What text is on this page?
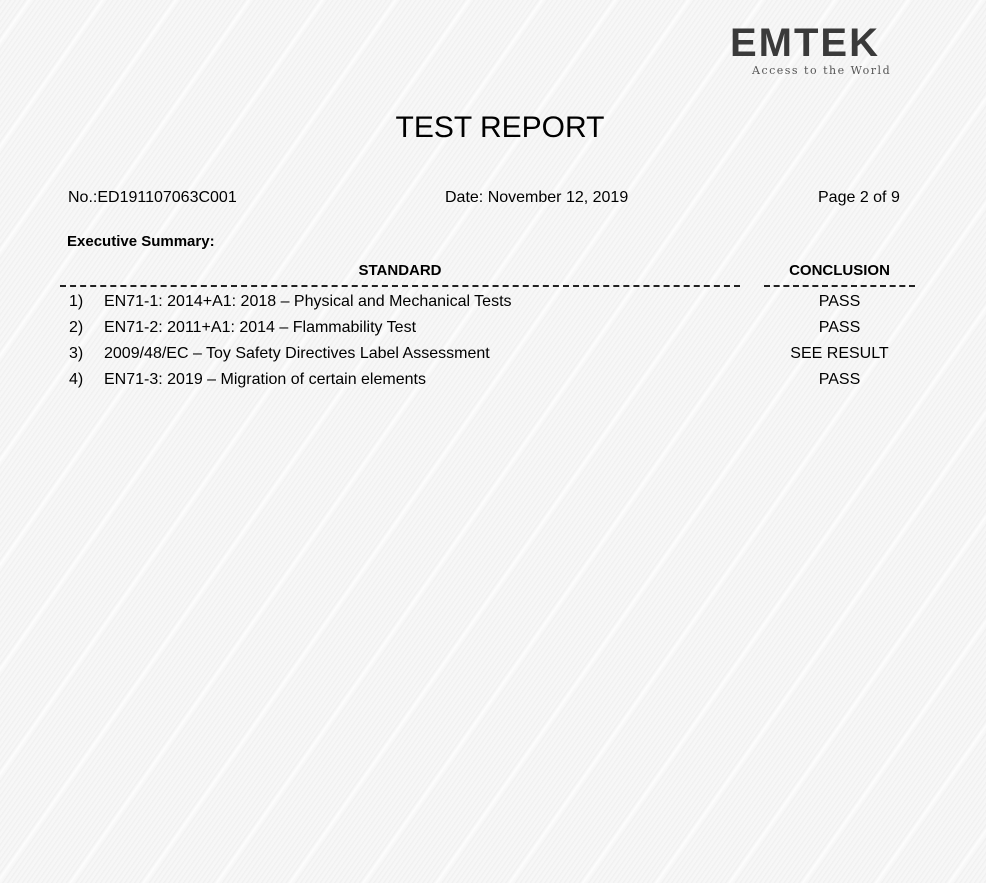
EMTEK
Access to the World
TEST REPORT
No.:ED191107063C001	Date: November 12, 2019	Page 2 of 9
Executive Summary:
STANDARD	CONCLUSION
1) EN71-1: 2014+A1: 2018 – Physical and Mechanical Tests	PASS
2) EN71-2: 2011+A1: 2014 – Flammability Test	PASS
3) 2009/48/EC – Toy Safety Directives Label Assessment	SEE RESULT
4) EN71-3: 2019 – Migration of certain elements	PASS
